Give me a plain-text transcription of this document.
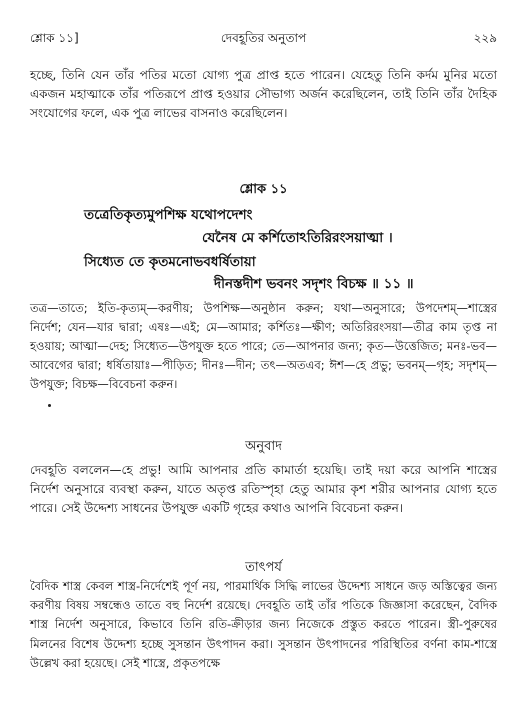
শ্লোক ১১]	দেবহূতির অনুতাপ	২২৯
হচ্ছে, তিনি যেন তাঁর পতির মতো যোগ্য পুত্র প্রাপ্ত হতে পারেন। যেহেতু তিনি কর্দম মুনির মতো একজন মহাত্মাকে তাঁর পতিরূপে প্রাপ্ত হওয়ার সৌভাগ্য অর্জন করেছিলেন, তাই তিনি তাঁর দৈহিক সংযোগের ফলে, এক পুত্র লাভের বাসনাও করেছিলেন।
শ্লোক ১১
তত্রেতিকৃত্যমুপশিক্ষ যথোপদেশং
যেনৈষ মে কর্শিতোঽতিরিরংসয়াত্মা ।
সিধ্যেত তে কৃতমনোভবধর্ষিতায়া
দীনস্তদীশ ভবনং সদৃশং বিচক্ষ ॥ ১১ ॥
তত্র—তাতে; ইতি-কৃত্যম্—করণীয়; উপশিক্ষ—অনুষ্ঠান করুন; যথা—অনুসারে; উপদেশম্—শাস্ত্রের নির্দেশ; যেন—যার দ্বারা; এষঃ—এই; মে—আমার; কর্শিতঃ—ক্ষীণ; অতিরিরংসয়া—তীব্র কাম তৃপ্ত না হওয়ায়; আত্মা—দেহ; সিধ্যেত—উপযুক্ত হতে পারে; তে—আপনার জন্য; কৃত—উত্তেজিত; মনঃ-ভব—আবেগের দ্বারা; ধর্ষিতায়াঃ—পীড়িত; দীনঃ—দীন; তৎ—অতএব; ঈশ—হে প্রভু; ভবনম্—গৃহ; সদৃশম্—উপযুক্ত; বিচক্ষ—বিবেচনা করুন।
অনুবাদ
দেবহূতি বললেন—হে প্রভু! আমি আপনার প্রতি কামার্তা হয়েছি। তাই দয়া করে আপনি শাস্ত্রের নির্দেশ অনুসারে ব্যবস্থা করুন, যাতে অতৃপ্ত রতিস্পৃহা হেতু আমার কৃশ শরীর আপনার যোগ্য হতে পারে। সেই উদ্দেশ্য সাধনের উপযুক্ত একটি গৃহের কথাও আপনি বিবেচনা করুন।
তাৎপর্য
বৈদিক শাস্ত্র কেবল শাস্ত্র-নির্দেশেই পূর্ণ নয়, পারমার্থিক সিদ্ধি লাভের উদ্দেশ্য সাধনে জড় অস্তিত্বের জন্য করণীয় বিষয় সম্বন্ধেও তাতে বহু নির্দেশ রয়েছে। দেবহূতি তাই তাঁর পতিকে জিজ্ঞাসা করেছেন, বৈদিক শাস্ত্র নির্দেশ অনুসারে, কিভাবে তিনি রতি-ক্রীড়ার জন্য নিজেকে প্রস্তুত করতে পারেন। স্ত্রী-পুরুষের মিলনের বিশেষ উদ্দেশ্য হচ্ছে সুসন্তান উৎপাদন করা। সুসন্তান উৎপাদনের পরিস্থিতির বর্ণনা কাম-শাস্ত্রে উল্লেখ করা হয়েছে। সেই শাস্ত্রে, প্রকৃতপক্ষে
